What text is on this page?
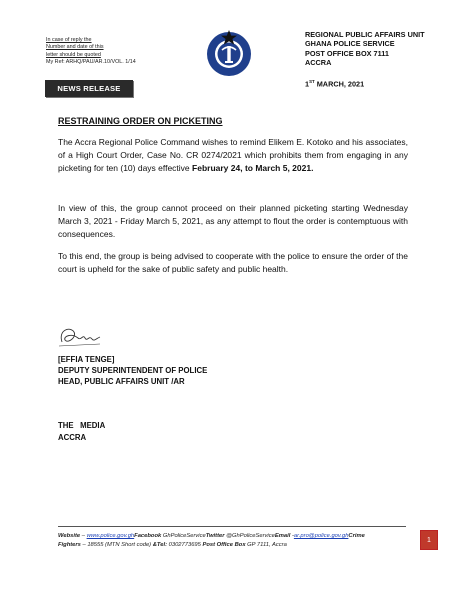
In case of reply the
Number and date of this
letter should be quoted
My Ref: ARHQ/PAU/AR.10/VOL. 1/14
REGIONAL PUBLIC AFFAIRS UNIT
GHANA POLICE SERVICE
POST OFFICE BOX 7111
ACCRA
1ST MARCH, 2021
NEWS RELEASE
RESTRAINING ORDER ON PICKETING
The Accra Regional Police Command wishes to remind Elikem E. Kotoko and his associates, of a High Court Order, Case No. CR 0274/2021 which prohibits them from engaging in any picketing for ten (10) days effective February 24, to March 5, 2021.
In view of this, the group cannot proceed on their planned picketing starting Wednesday March 3, 2021 - Friday March 5, 2021, as any attempt to flout the order is contemptuous with consequences.
To this end, the group is being advised to cooperate with the police to ensure the order of the court is upheld for the sake of public safety and public health.
[EFFIA TENGE]
DEPUTY SUPERINTENDENT OF POLICE
HEAD, PUBLIC AFFAIRS UNIT /AR
THE   MEDIA
ACCRA
Website – www.police.gov.ghFacebook GhPoliceServiceTwitter @GhPoliceServiceEmail -ar.pro@police.gov.ghCrime
Fighters – 18555 (MTN Short code) &Tel: 0302773695 Post Office Box GP 7111, Accra
1
